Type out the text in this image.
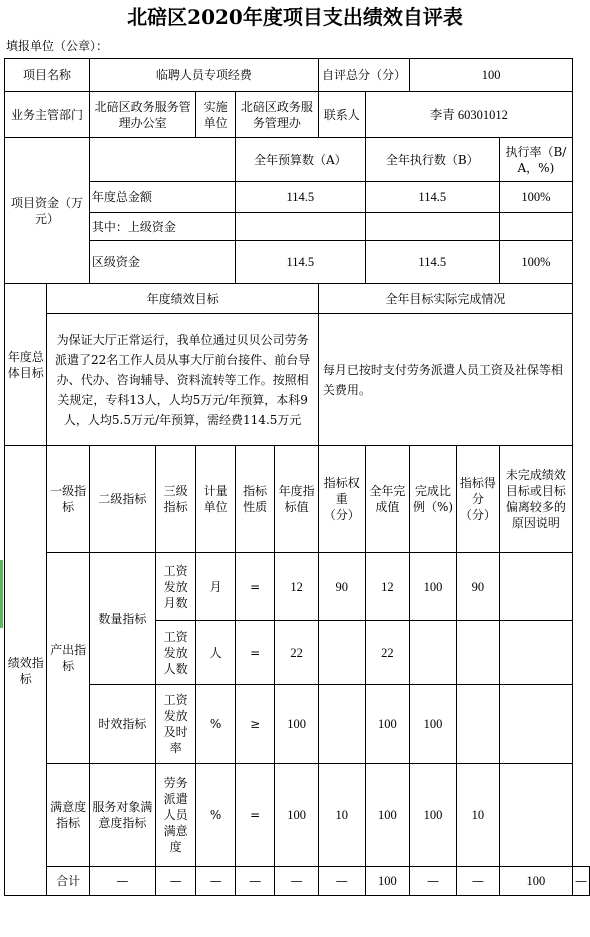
北碚区2020年度项目支出绩效自评表
填报单位（公章）：
项目名称		临聘人员专项经费					自评总分（分）		100			
业务主管部门		北碚区政务服务管理办公室		实施单位	北碚区政务服务管理办		联系人	李青 60301012				
项目资金（万元）					全年预算数（A）			全年执行数（B）			执行率（B/A，%)	
		年度总金额			114.5			114.5			100%	
		其中：上级资金										
		区级资金			114.5			114.5			100%	
年度总体目标	年度绩效目标						全年目标实际完成情况					
	为保证大厅正常运行，我单位通过贝贝公司劳务派遣了22名工作人员从事大厅前台接件、前台导办、代办、咨询辅导、资料流转等工作。按照相关规定，专科13人，人均5万元/年预算，本科9人，人均5.5万元/年预算，需经费114.5万元						每月已按时支付劳务派遣人员工资及社保等相关费用。					
绩效指标	一级指标	二级指标	三级指标	计量单位	指标性质	年度指标值	指标权重（分）	全年完成值	完成比例（%)	指标得分（分）	未完成绩效目标或目标偏离较多的原因说明	
	产出指标	数量指标	工资发放月数	月	=	12	90	12	100	90		
			工资发放人数	人	=	22		22				
		时效指标	工资发放及时率	%	≥	100		100	100			
	满意度指标	服务对象满意度指标	劳务派遣人员满意度	%	=	100	10	100	100	10		
	合计	—	—	—	—	—	—	100	—	—	100	—
